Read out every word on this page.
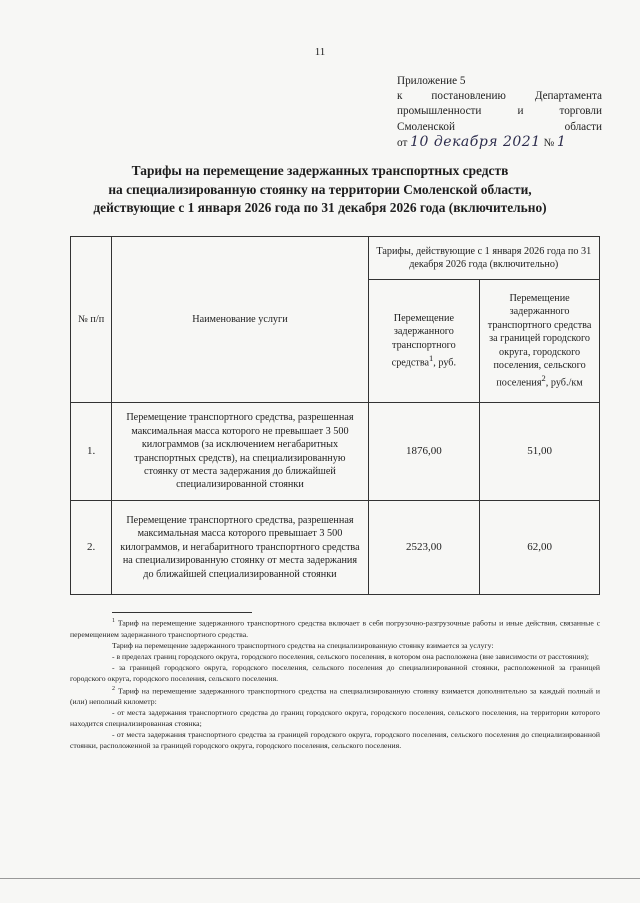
11
Приложение 5
к	постановлению	Департамента
промышленности	и	торговли
Смоленской	области
от 10 декабря 2021 № 1
Тарифы на перемещение задержанных транспортных средств
на специализированную стоянку на территории Смоленской области,
действующие с 1 января 2026 года по 31 декабря 2026 года (включительно)
№ п/п	Наименование услуги	Тарифы, действующие с 1 января 2026 года по 31 декабря 2026 года (включительно)	
		Перемещение задержанного транспортного средства$^1$, руб.	Перемещение задержанного транспортного средства за границей городского округа, городского поселения, сельского поселения$^2$, руб./км
1.	Перемещение транспортного средства, разрешенная максимальная масса которого не превышает 3 500 килограммов (за исключением негабаритных транспортных средств), на специализированную стоянку от места задержания до ближайшей специализированной стоянки	1876,00	51,00
2.	Перемещение транспортного средства, разрешенная максимальная масса которого превышает 3 500 килограммов, и негабаритного транспортного средства на специализированную стоянку от места задержания до ближайшей специализированной стоянки	2523,00	62,00

$^1$ Тариф на перемещение задержанного транспортного средства включает в себя погрузочно-разгрузочные работы и иные действия, связанные с перемещением задержанного транспортного средства.

Тариф на перемещение задержанного транспортного средства на специализированную стоянку взимается за услугу:

- в пределах границ городского округа, городского поселения, сельского поселения, в котором она расположена (вне зависимости от расстояния);

- за границей городского округа, городского поселения, сельского поселения до специализированной стоянки, расположенной за границей городского округа, городского поселения, сельского поселения.

$^2$ Тариф на перемещение задержанного транспортного средства на специализированную стоянку взимается дополнительно за каждый полный и (или) неполный километр:

- от места задержания транспортного средства до границ городского округа, городского поселения, сельского поселения, на территории которого находится специализированная стоянка;

- от места задержания транспортного средства за границей городского округа, городского поселения, сельского поселения до специализированной стоянки, расположенной за границей городского округа, городского поселения, сельского поселения.
